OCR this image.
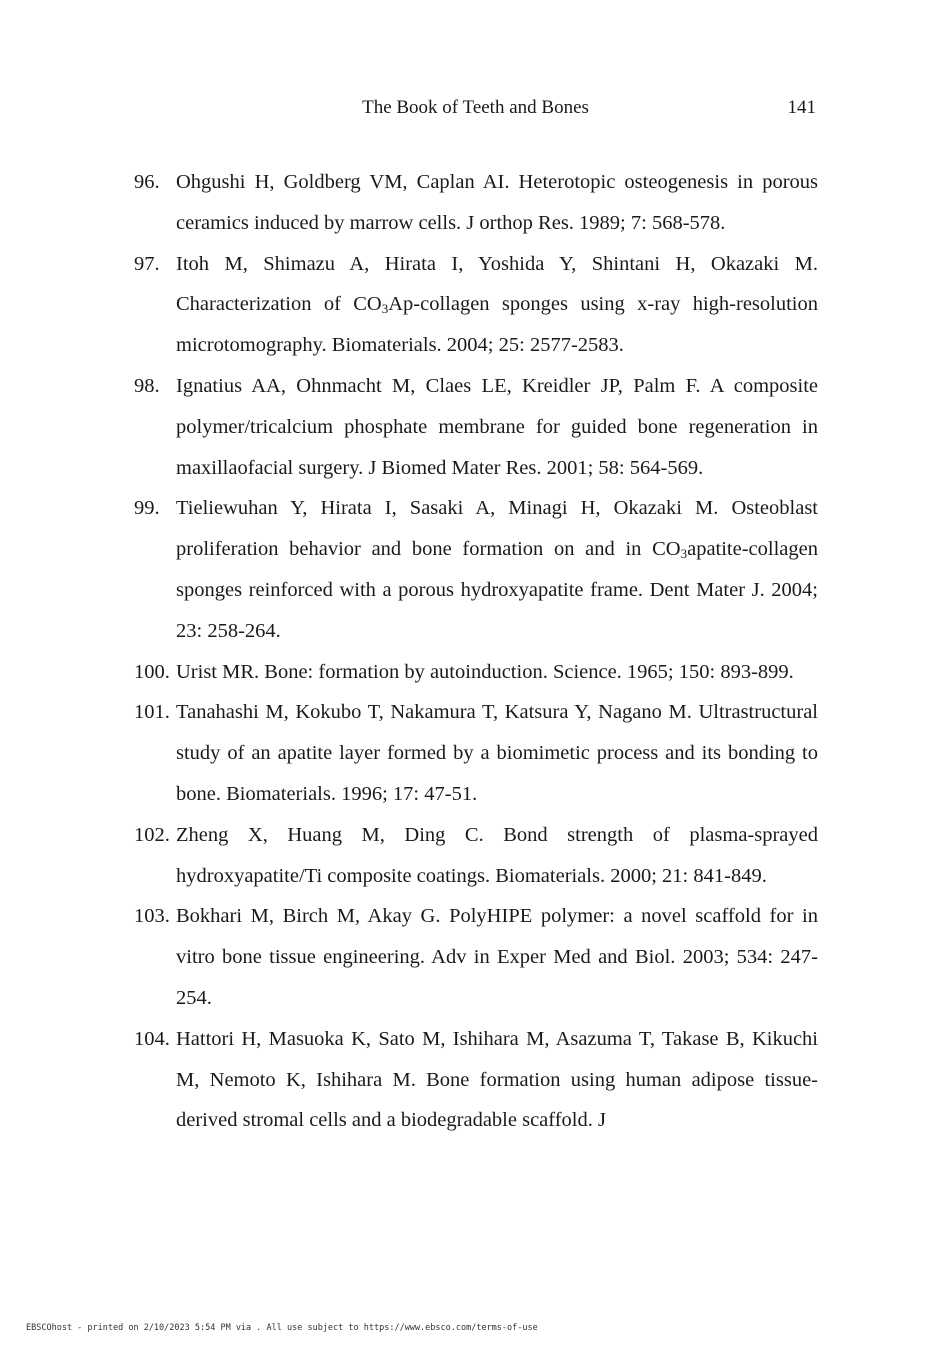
The Book of Teeth and Bones	141
96. Ohgushi H, Goldberg VM, Caplan AI. Heterotopic osteogenesis in porous ceramics induced by marrow cells. J orthop Res. 1989; 7: 568-578.
97. Itoh M, Shimazu A, Hirata I, Yoshida Y, Shintani H, Okazaki M. Characterization of $CO_3Ap$-collagen sponges using x-ray high-resolution microtomography. Biomaterials. 2004; 25: 2577-2583.
98. Ignatius AA, Ohnmacht M, Claes LE, Kreidler JP, Palm F. A composite polymer/tricalcium phosphate membrane for guided bone regeneration in maxillaofacial surgery. J Biomed Mater Res. 2001; 58: 564-569.
99. Tieliewuhan Y, Hirata I, Sasaki A, Minagi H, Okazaki M. Osteoblast proliferation behavior and bone formation on and in $CO_3apatite$-collagen sponges reinforced with a porous hydroxyapatite frame. Dent Mater J. 2004; 23: 258-264.
100. Urist MR. Bone: formation by autoinduction. Science. 1965; 150: 893-899.
101. Tanahashi M, Kokubo T, Nakamura T, Katsura Y, Nagano M. Ultrastructural study of an apatite layer formed by a biomimetic process and its bonding to bone. Biomaterials. 1996; 17: 47-51.
102. Zheng X, Huang M, Ding C. Bond strength of plasma-sprayed hydroxyapatite/Ti composite coatings. Biomaterials. 2000; 21: 841-849.
103. Bokhari M, Birch M, Akay G. PolyHIPE polymer: a novel scaffold for in vitro bone tissue engineering. Adv in Exper Med and Biol. 2003; 534: 247-254.
104. Hattori H, Masuoka K, Sato M, Ishihara M, Asazuma T, Takase B, Kikuchi M, Nemoto K, Ishihara M. Bone formation using human adipose tissue-derived stromal cells and a biodegradable scaffold. J
EBSCOhost - printed on 2/10/2023 5:54 PM via . All use subject to https://www.ebsco.com/terms-of-use
